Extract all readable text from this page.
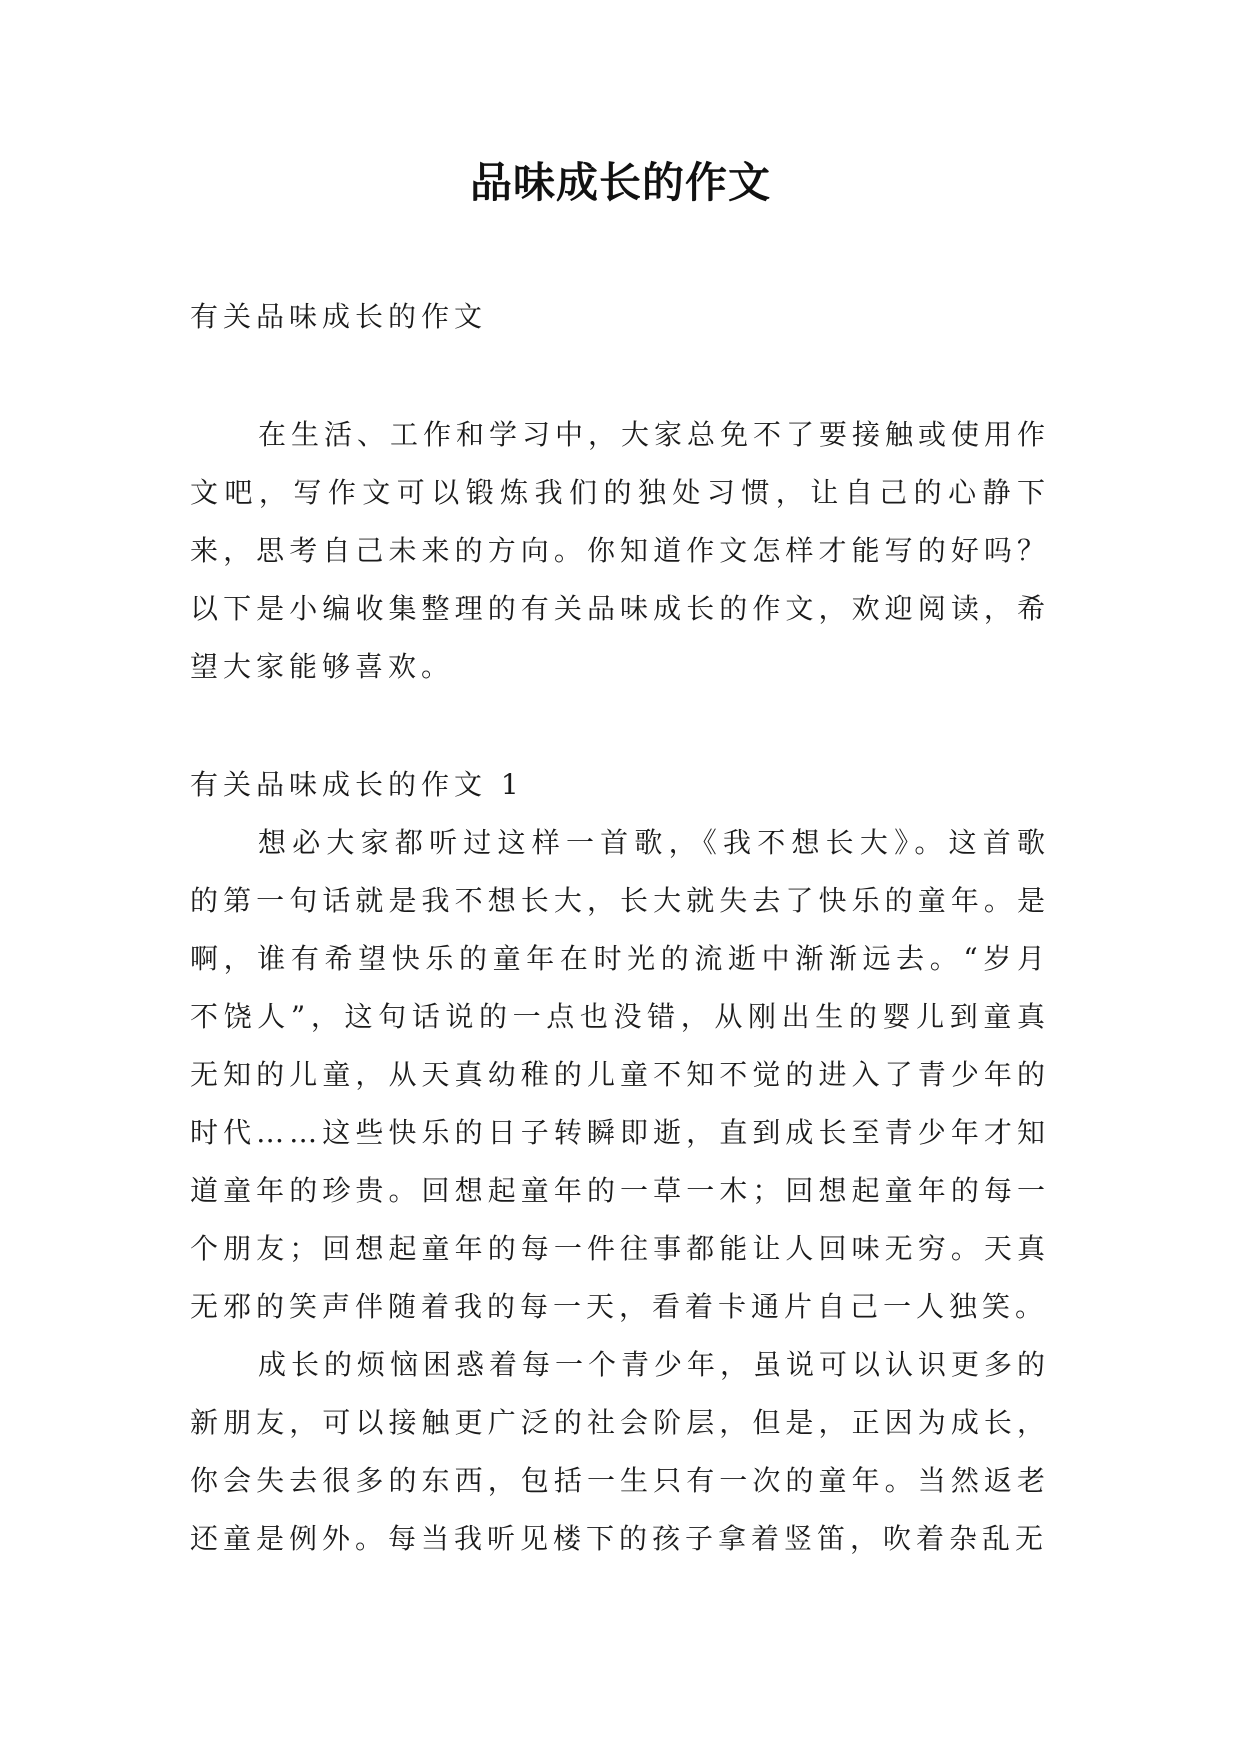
品味成长的作文

有关品味成长的作文

在生活、工作和学习中，大家总免不了要接触或使用作文吧，写作文可以锻炼我们的独处习惯，让自己的心静下来，思考自己未来的方向。你知道作文怎样才能写的好吗？以下是小编收集整理的有关品味成长的作文，欢迎阅读，希望大家能够喜欢。

有关品味成长的作文 1

想必大家都听过这样一首歌，《我不想长大》。这首歌的第一句话就是我不想长大，长大就失去了快乐的童年。是啊，谁有希望快乐的童年在时光的流逝中渐渐远去。“岁月不饶人”，这句话说的一点也没错，从刚出生的婴儿到童真无知的儿童，从天真幼稚的儿童不知不觉的进入了青少年的时代……这些快乐的日子转瞬即逝，直到成长至青少年才知道童年的珍贵。回想起童年的一草一木；回想起童年的每一个朋友；回想起童年的每一件往事都能让人回味无穷。天真无邪的笑声伴随着我的每一天，看着卡通片自己一人独笑。

成长的烦恼困惑着每一个青少年，虽说可以认识更多的新朋友，可以接触更广泛的社会阶层，但是，正因为成长，你会失去很多的东西，包括一生只有一次的童年。当然返老还童是例外。每当我听见楼下的孩子拿着竖笛，吹着杂乱无
